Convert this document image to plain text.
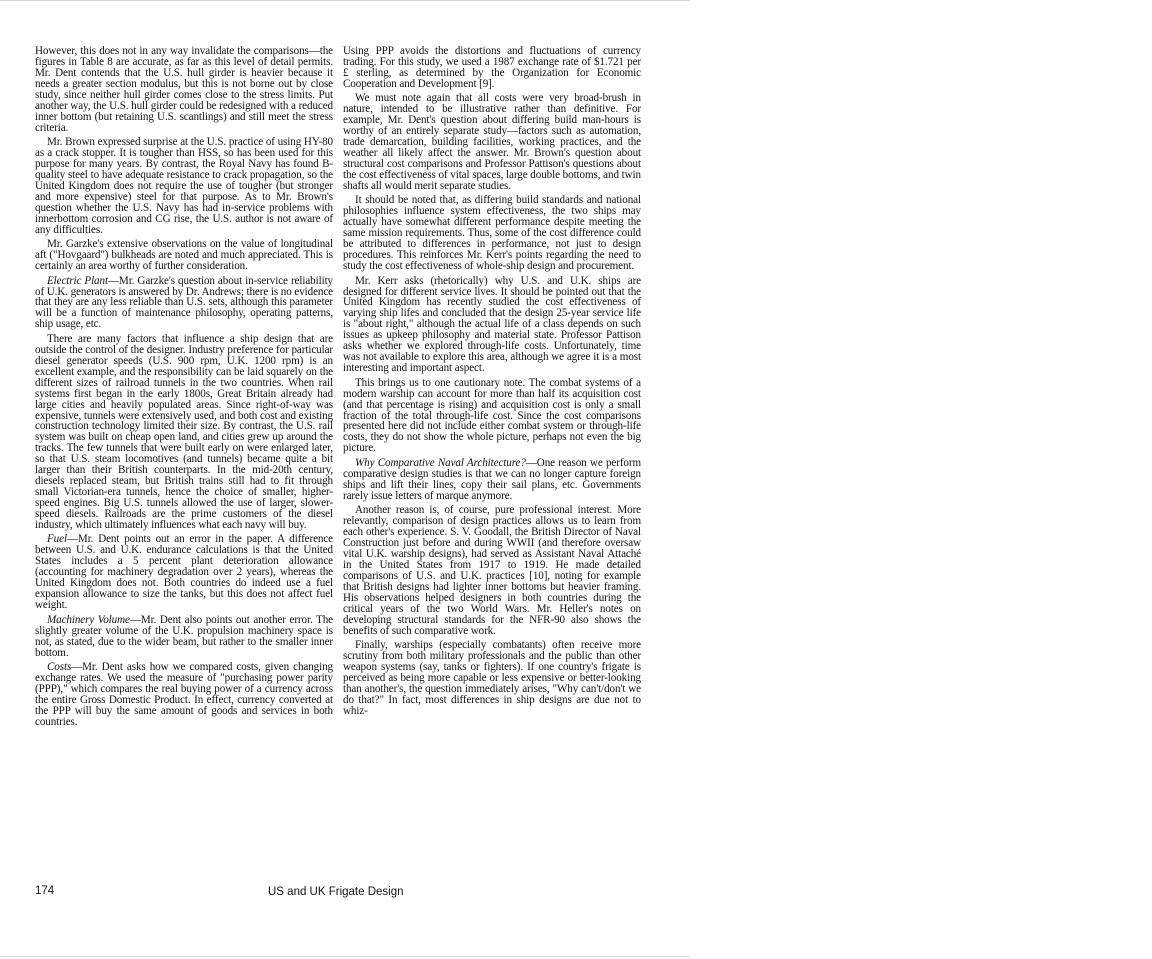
However, this does not in any way invalidate the comparisons—the figures in Table 8 are accurate, as far as this level of detail permits. Mr. Dent contends that the U.S. hull girder is heavier because it needs a greater section modulus, but this is not borne out by close study, since neither hull girder comes close to the stress limits. Put another way, the U.S. hull girder could be redesigned with a reduced inner bottom (but retaining U.S. scantlings) and still meet the stress criteria.

Mr. Brown expressed surprise at the U.S. practice of using HY-80 as a crack stopper. It is tougher than HSS, so has been used for this purpose for many years. By contrast, the Royal Navy has found B-quality steel to have adequate resistance to crack propagation, so the United Kingdom does not require the use of tougher (but stronger and more expensive) steel for that purpose. As to Mr. Brown's question whether the U.S. Navy has had in-service problems with innerbottom corrosion and CG rise, the U.S. author is not aware of any difficulties.

Mr. Garzke's extensive observations on the value of longitudinal aft ("Hovgaard") bulkheads are noted and much appreciated. This is certainly an area worthy of further consideration.

Electric Plant—Mr. Garzke's question about in-service reliability of U.K. generators is answered by Dr. Andrews; there is no evidence that they are any less reliable than U.S. sets, although this parameter will be a function of maintenance philosophy, operating patterns, ship usage, etc.

There are many factors that influence a ship design that are outside the control of the designer. Industry preference for particular diesel generator speeds (U.S. 900 rpm, U.K. 1200 rpm) is an excellent example, and the responsibility can be laid squarely on the different sizes of railroad tunnels in the two countries. When rail systems first began in the early 1800s, Great Britain already had large cities and heavily populated areas. Since right-of-way was expensive, tunnels were extensively used, and both cost and existing construction technology limited their size. By contrast, the U.S. rail system was built on cheap open land, and cities grew up around the tracks. The few tunnels that were built early on were enlarged later, so that U.S. steam locomotives (and tunnels) became quite a bit larger than their British counterparts. In the mid-20th century, diesels replaced steam, but British trains still had to fit through small Victorian-era tunnels, hence the choice of smaller, higher-speed engines. Big U.S. tunnels allowed the use of larger, slower-speed diesels. Railroads are the prime customers of the diesel industry, which ultimately influences what each navy will buy.

Fuel—Mr. Dent points out an error in the paper. A difference between U.S. and U.K. endurance calculations is that the United States includes a 5 percent plant deterioration allowance (accounting for machinery degradation over 2 years), whereas the United Kingdom does not. Both countries do indeed use a fuel expansion allowance to size the tanks, but this does not affect fuel weight.

Machinery Volume—Mr. Dent also points out another error. The slightly greater volume of the U.K. propulsion machinery space is not, as stated, due to the wider beam, but rather to the smaller inner bottom.

Costs—Mr. Dent asks how we compared costs, given changing exchange rates. We used the measure of "purchasing power parity (PPP)," which compares the real buying power of a currency across the entire Gross Domestic Product. In effect, currency converted at the PPP will buy the same amount of goods and services in both countries.

Using PPP avoids the distortions and fluctuations of currency trading. For this study, we used a 1987 exchange rate of $1.721 per £ sterling, as determined by the Organization for Economic Cooperation and Development [9].

We must note again that all costs were very broad-brush in nature, intended to be illustrative rather than definitive. For example, Mr. Dent's question about differing build man-hours is worthy of an entirely separate study—factors such as automation, trade demarcation, building facilities, working practices, and the weather all likely affect the answer. Mr. Brown's question about structural cost comparisons and Professor Pattison's questions about the cost effectiveness of vital spaces, large double bottoms, and twin shafts all would merit separate studies.

It should be noted that, as differing build standards and national philosophies influence system effectiveness, the two ships may actually have somewhat different performance despite meeting the same mission requirements. Thus, some of the cost difference could be attributed to differences in performance, not just to design procedures. This reinforces Mr. Kerr's points regarding the need to study the cost effectiveness of whole-ship design and procurement.

Mr. Kerr asks (rhetorically) why U.S. and U.K. ships are designed for different service lives. It should be pointed out that the United Kingdom has recently studied the cost effectiveness of varying ship lifes and concluded that the design 25-year service life is "about right," although the actual life of a class depends on such issues as upkeep philosophy and material state. Professor Pattison asks whether we explored through-life costs. Unfortunately, time was not available to explore this area, although we agree it is a most interesting and important aspect.

This brings us to one cautionary note. The combat systems of a modern warship can account for more than half its acquisition cost (and that percentage is rising) and acquisition cost is only a small fraction of the total through-life cost. Since the cost comparisons presented here did not include either combat system or through-life costs, they do not show the whole picture, perhaps not even the big picture.

Why Comparative Naval Architecture?—One reason we perform comparative design studies is that we can no longer capture foreign ships and lift their lines, copy their sail plans, etc. Governments rarely issue letters of marque anymore.

Another reason is, of course, pure professional interest. More relevantly, comparison of design practices allows us to learn from each other's experience. S. V. Goodall, the British Director of Naval Construction just before and during WWII (and therefore oversaw vital U.K. warship designs), had served as Assistant Naval Attaché in the United States from 1917 to 1919. He made detailed comparisons of U.S. and U.K. practices [10], noting for example that British designs had lighter inner bottoms but heavier framing. His observations helped designers in both countries during the critical years of the two World Wars. Mr. Heller's notes on developing structural standards for the NFR-90 also shows the benefits of such comparative work.

Finally, warships (especially combatants) often receive more scrutiny from both military professionals and the public than other weapon systems (say, tanks or fighters). If one country's frigate is perceived as being more capable or less expensive or better-looking than another's, the question immediately arises, "Why can't/don't we do that?" In fact, most differences in ship designs are due not to whiz-

174	US and UK Frigate Design
